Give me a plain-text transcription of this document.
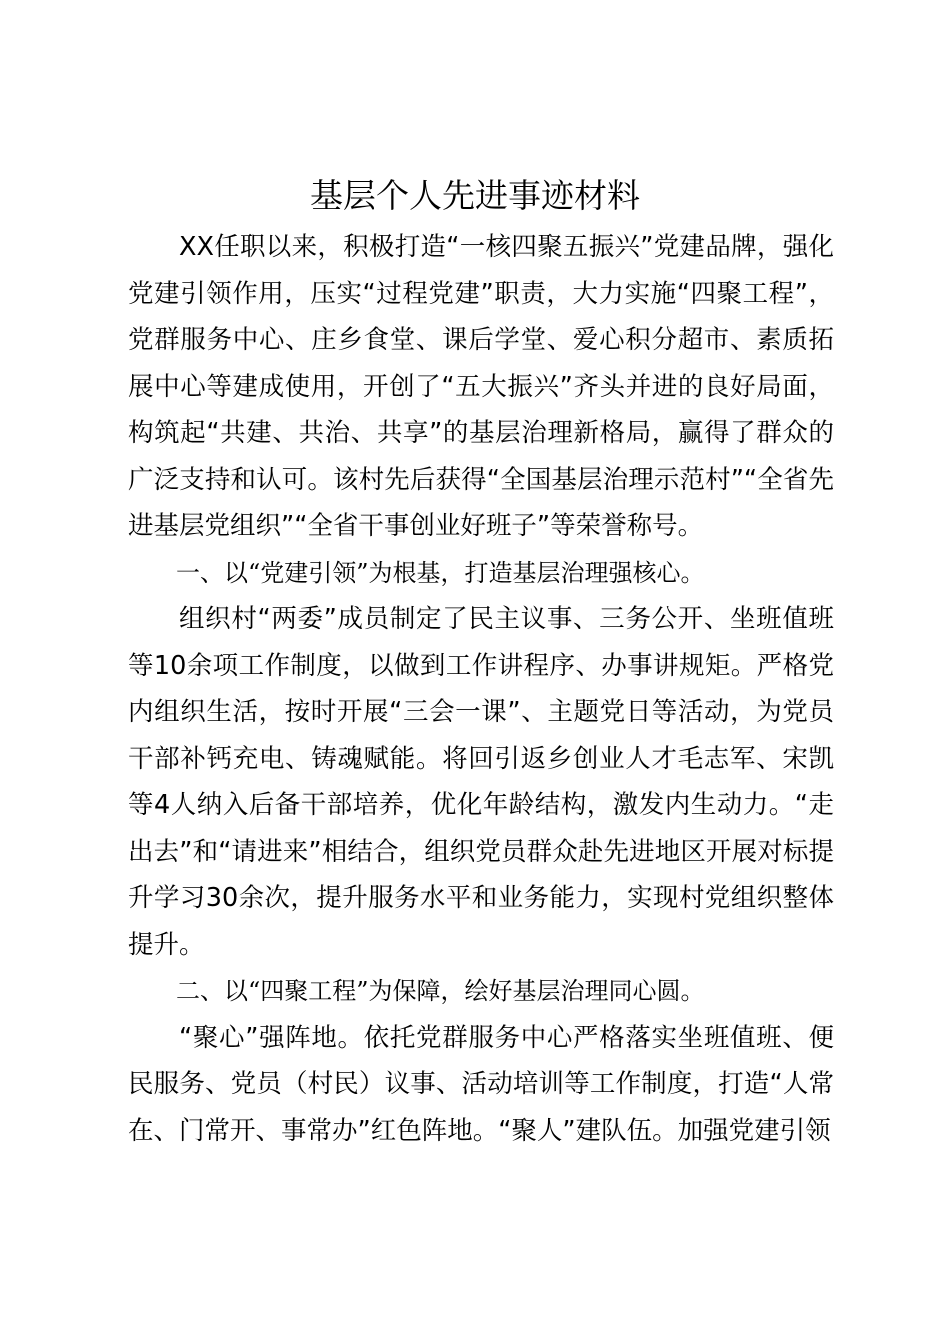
基层个人先进事迹材料

XX任职以来，积极打造“一核四聚五振兴”党建品牌，强化党建引领作用，压实“过程党建”职责，大力实施“四聚工程”，党群服务中心、庄乡食堂、课后学堂、爱心积分超市、素质拓展中心等建成使用，开创了“五大振兴”齐头并进的良好局面，构筑起“共建、共治、共享”的基层治理新格局，赢得了群众的广泛支持和认可。该村先后获得“全国基层治理示范村”“全省先进基层党组织”“全省干事创业好班子”等荣誉称号。

一、以“党建引领”为根基，打造基层治理强核心。

组织村“两委”成员制定了民主议事、三务公开、坐班值班等10余项工作制度，以做到工作讲程序、办事讲规矩。严格党内组织生活，按时开展“三会一课”、主题党日等活动，为党员干部补钙充电、铸魂赋能。将回引返乡创业人才毛志军、宋凯等4人纳入后备干部培养，优化年龄结构，激发内生动力。“走出去”和“请进来”相结合，组织党员群众赴先进地区开展对标提升学习30余次，提升服务水平和业务能力，实现村党组织整体提升。

二、以“四聚工程”为保障，绘好基层治理同心圆。

“聚心”强阵地。依托党群服务中心严格落实坐班值班、便民服务、党员（村民）议事、活动培训等工作制度，打造“人常在、门常开、事常办”红色阵地。“聚人”建队伍。加强党建引领
